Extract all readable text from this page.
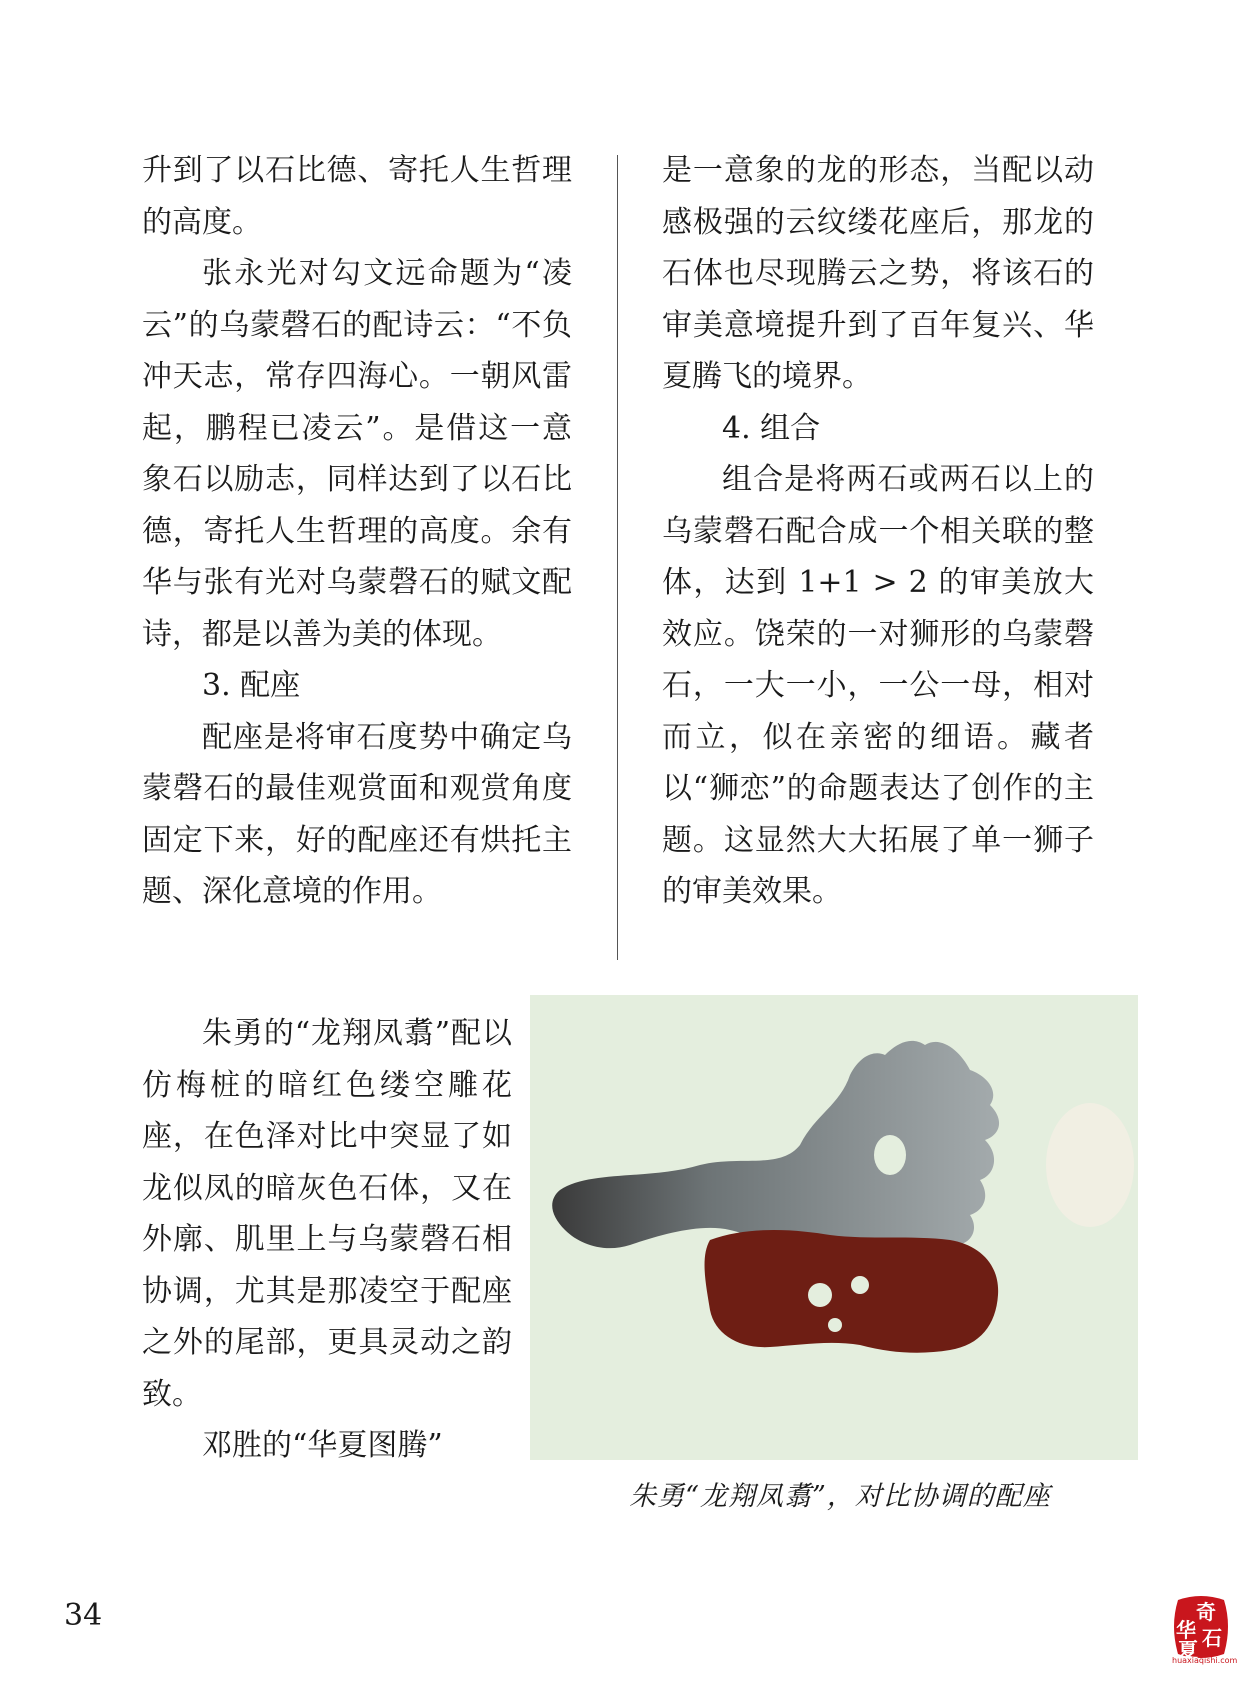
升到了以石比德、寄托人生哲理的高度。

张永光对勾文远命题为“凌云”的乌蒙磬石的配诗云：“不负冲天志，常存四海心。一朝风雷起，鹏程已凌云”。是借这一意象石以励志，同样达到了以石比德，寄托人生哲理的高度。余有华与张有光对乌蒙磬石的赋文配诗，都是以善为美的体现。

3. 配座

配座是将审石度势中确定乌蒙磬石的最佳观赏面和观赏角度固定下来，好的配座还有烘托主题、深化意境的作用。

朱勇的“龙翔凤翥”配以仿梅桩的暗红色缕空雕花座，在色泽对比中突显了如龙似凤的暗灰色石体，又在外廓、肌里上与乌蒙磬石相协调，尤其是那凌空于配座之外的尾部，更具灵动之韵致。

邓胜的“华夏图腾”

是一意象的龙的形态，当配以动感极强的云纹缕花座后，那龙的石体也尽现腾云之势，将该石的审美意境提升到了百年复兴、华夏腾飞的境界。

4. 组合

组合是将两石或两石以上的乌蒙磬石配合成一个相关联的整体，达到 1+1 > 2 的审美放大效应。饶荣的一对狮形的乌蒙磬石，一大一小，一公一母，相对而立，似在亲密的细语。藏者以“狮恋”的命题表达了创作的主题。这显然大大拓展了单一狮子的审美效果。

朱勇“龙翔凤翥”，对比协调的配座
34	奇
华 石
夏
huaxiaqishi.com
